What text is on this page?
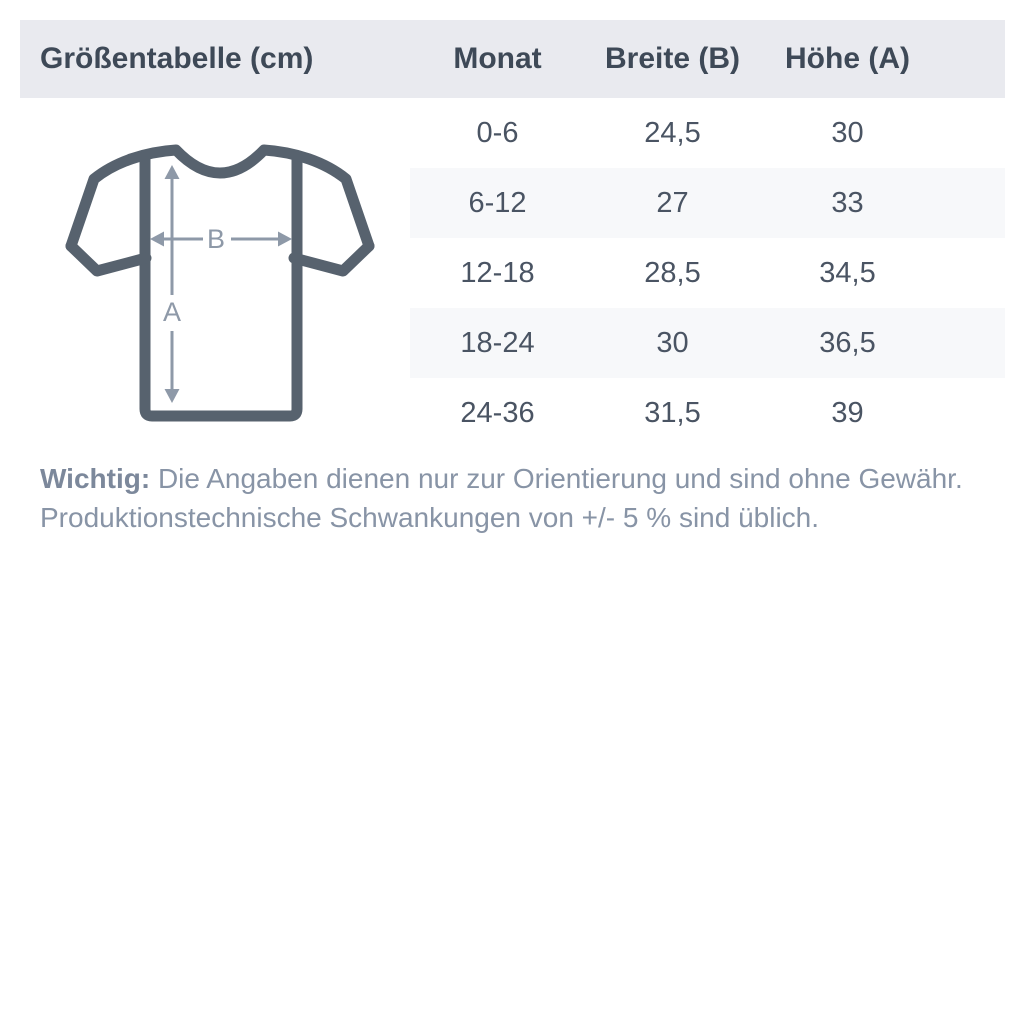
Größentabelle (cm)	Monat	Breite (B)	Höhe (A)
A
B
0-6	24,5	30
6-12	27	33
12-18	28,5	34,5
18-24	30	36,5
24-36	31,5	39
Wichtig: Die Angaben dienen nur zur Orientierung und sind ohne Gewähr.
Produktionstechnische Schwankungen von +/- 5 % sind üblich.
